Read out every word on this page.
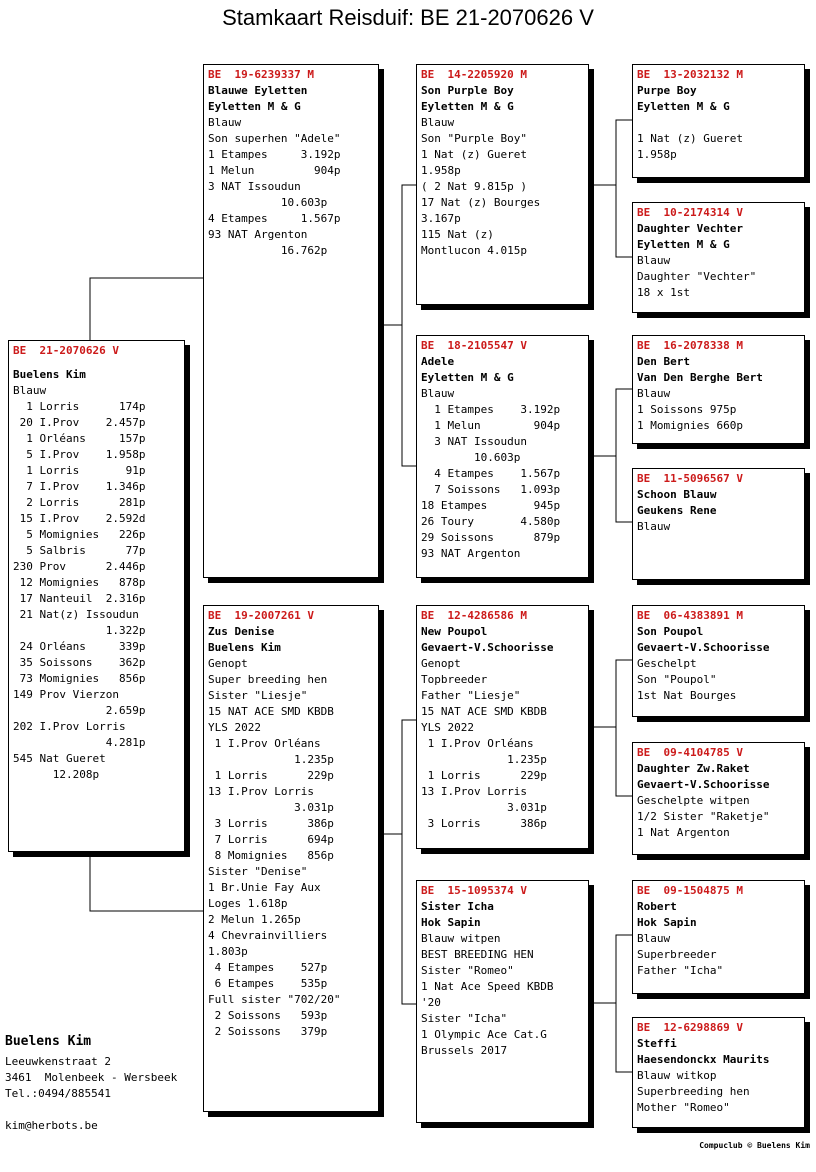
Stamkaart Reisduif: BE 21-2070626 V
BE  21-2070626 V
Buelens Kim
Blauw
1 Lorris      174p
20 I.Prov    2.457p
1 Orléans     157p
5 I.Prov    1.958p
1 Lorris       91p
7 I.Prov    1.346p
2 Lorris      281p
15 I.Prov    2.592d
5 Momignies   226p
5 Salbris      77p
230 Prov      2.446p
12 Momignies   878p
17 Nanteuil  2.316p
21 Nat(z) Issoudun
1.322p
24 Orléans     339p
35 Soissons    362p
73 Momignies   856p
149 Prov Vierzon
2.659p
202 I.Prov Lorris
4.281p
545 Nat Gueret
12.208p
BE  19-6239337 M
Blauwe Eyletten
Eyletten M & G
Blauw
Son superhen "Adele"
1 Etampes     3.192p
1 Melun         904p
3 NAT Issoudun
10.603p
4 Etampes     1.567p
93 NAT Argenton
16.762p
BE  19-2007261 V
Zus Denise
Buelens Kim
Genopt
Super breeding hen
Sister "Liesje"
15 NAT ACE SMD KBDB
YLS 2022
1 I.Prov Orléans
1.235p
1 Lorris      229p
13 I.Prov Lorris
3.031p
3 Lorris      386p
7 Lorris      694p
8 Momignies   856p
Sister "Denise"
1 Br.Unie Fay Aux
Loges 1.618p
2 Melun 1.265p
4 Chevrainvilliers
1.803p
4 Etampes    527p
6 Etampes    535p
Full sister "702/20"
2 Soissons   593p
2 Soissons   379p
BE  14-2205920 M
Son Purple Boy
Eyletten M & G
Blauw
Son "Purple Boy"
1 Nat (z) Gueret
1.958p
( 2 Nat 9.815p )
17 Nat (z) Bourges
3.167p
115 Nat (z)
Montlucon 4.015p
BE  18-2105547 V
Adele
Eyletten M & G
Blauw
1 Etampes    3.192p
1 Melun        904p
3 NAT Issoudun
10.603p
4 Etampes    1.567p
7 Soissons   1.093p
18 Etampes       945p
26 Toury       4.580p
29 Soissons      879p
93 NAT Argenton
BE  12-4286586 M
New Poupol
Gevaert-V.Schoorisse
Genopt
Topbreeder
Father "Liesje"
15 NAT ACE SMD KBDB
YLS 2022
1 I.Prov Orléans
1.235p
1 Lorris      229p
13 I.Prov Lorris
3.031p
3 Lorris      386p
BE  15-1095374 V
Sister Icha
Hok Sapin
Blauw witpen
BEST BREEDING HEN
Sister "Romeo"
1 Nat Ace Speed KBDB
'20
Sister "Icha"
1 Olympic Ace Cat.G
Brussels 2017
BE  13-2032132 M
Purpe Boy
Eyletten M & G
1 Nat (z) Gueret
1.958p
BE  10-2174314 V
Daughter Vechter
Eyletten M & G
Blauw
Daughter "Vechter"
18 x 1st
BE  16-2078338 M
Den Bert
Van Den Berghe Bert
Blauw
1 Soissons 975p
1 Momignies 660p
BE  11-5096567 V
Schoon Blauw
Geukens Rene
Blauw
BE  06-4383891 M
Son Poupol
Gevaert-V.Schoorisse
Geschelpt
Son "Poupol"
1st Nat Bourges
BE  09-4104785 V
Daughter Zw.Raket
Gevaert-V.Schoorisse
Geschelpte witpen
1/2 Sister "Raketje"
1 Nat Argenton
BE  09-1504875 M
Robert
Hok Sapin
Blauw
Superbreeder
Father "Icha"
BE  12-6298869 V
Steffi
Haesendonckx Maurits
Blauw witkop
Superbreeding hen
Mother "Romeo"
Buelens Kim
Leeuwkenstraat 2
3461  Molenbeek - Wersbeek
Tel.:0494/885541
kim@herbots.be
Compuclub © Buelens Kim
